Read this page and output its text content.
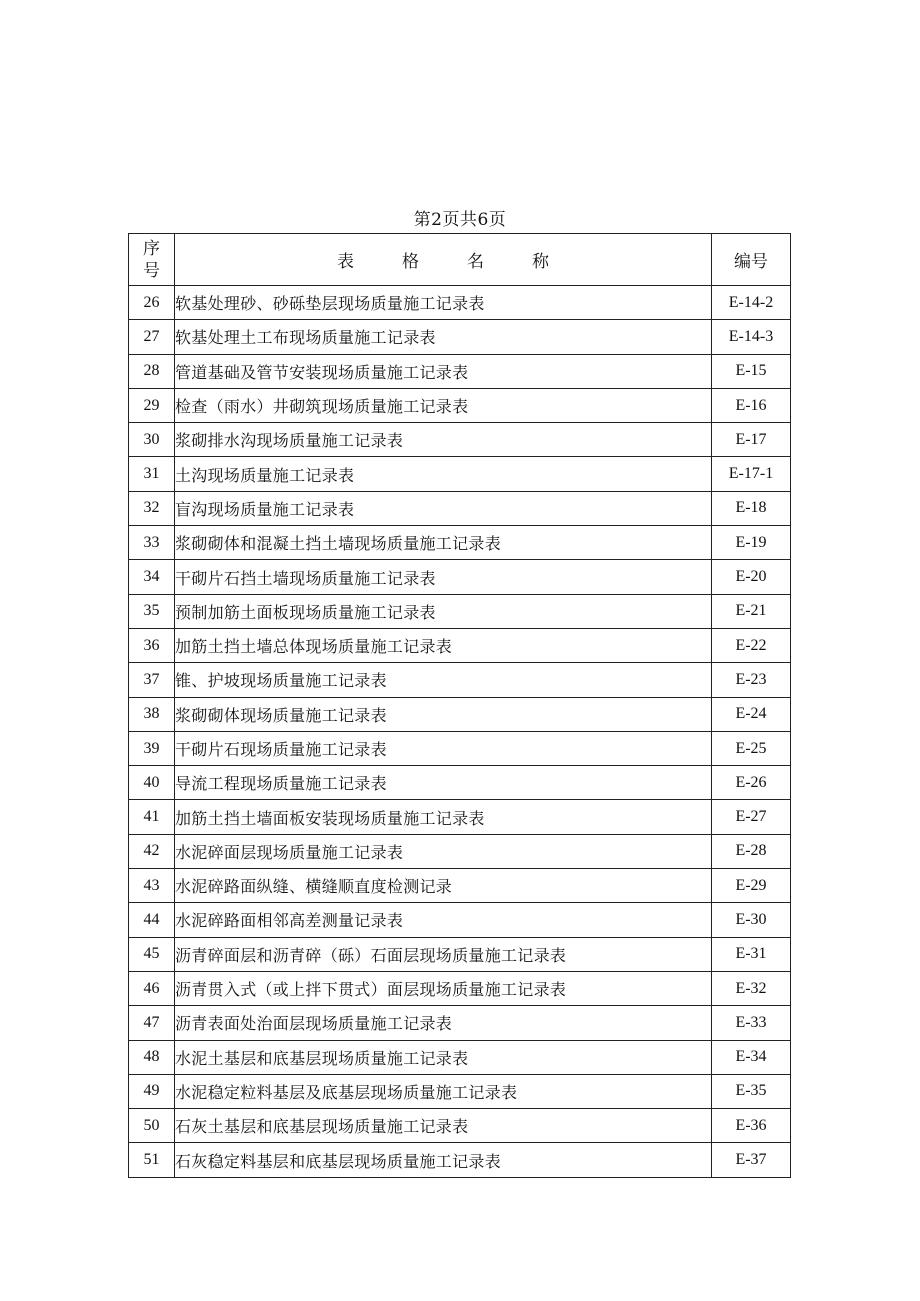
第2页共6页
序
号	表格名称	编号
26	软基处理砂、砂砾垫层现场质量施工记录表	E-14-2
27	软基处理土工布现场质量施工记录表	E-14-3
28	管道基础及管节安装现场质量施工记录表	E-15
29	检查（雨水）井砌筑现场质量施工记录表	E-16
30	浆砌排水沟现场质量施工记录表	E-17
31	土沟现场质量施工记录表	E-17-1
32	盲沟现场质量施工记录表	E-18
33	浆砌砌体和混凝土挡土墙现场质量施工记录表	E-19
34	干砌片石挡土墙现场质量施工记录表	E-20
35	预制加筋土面板现场质量施工记录表	E-21
36	加筋土挡土墙总体现场质量施工记录表	E-22
37	锥、护坡现场质量施工记录表	E-23
38	浆砌砌体现场质量施工记录表	E-24
39	干砌片石现场质量施工记录表	E-25
40	导流工程现场质量施工记录表	E-26
41	加筋土挡土墙面板安装现场质量施工记录表	E-27
42	水泥碎面层现场质量施工记录表	E-28
43	水泥碎路面纵缝、横缝顺直度检测记录	E-29
44	水泥碎路面相邻高差测量记录表	E-30
45	沥青碎面层和沥青碎（砾）石面层现场质量施工记录表	E-31
46	沥青贯入式（或上拌下贯式）面层现场质量施工记录表	E-32
47	沥青表面处治面层现场质量施工记录表	E-33
48	水泥土基层和底基层现场质量施工记录表	E-34
49	水泥稳定粒料基层及底基层现场质量施工记录表	E-35
50	石灰土基层和底基层现场质量施工记录表	E-36
51	石灰稳定料基层和底基层现场质量施工记录表	E-37
